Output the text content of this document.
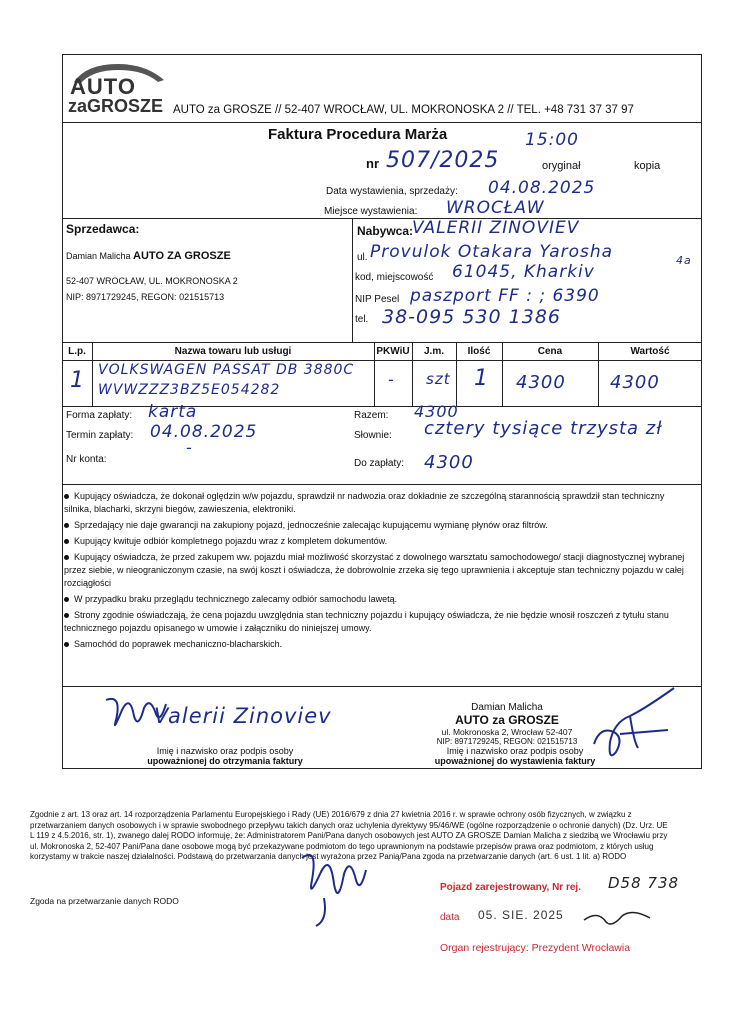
AUTO
zaGROSZE AUTO za GROSZE // 52-407 WROCŁAW, UL. MOKRONOSKA 2 // TEL. +48 731 37 37 97
Faktura Procedura Marża	15:00
nr 507/2025	oryginał	kopia
Data wystawienia, sprzedaży: 04.08.2025
Miejsce wystawienia: WROCŁAW
Sprzedawca:
Damian Malicha AUTO ZA GROSZE
52-407 WROCŁAW, UL. MOKRONOSKA 2
NIP: 8971729245, REGON: 021515713
Nabywca:
VALERII ZINOVIEV
ul. Provulok Otakara Yarosha	4a
kod, miejscowość 61045, Kharkiv
NIP Pesel paszport FF : ; 6390
tel. 38-095 530 1386
L.p.	Nazwa towaru lub usługi	PKWiU	J.m.	Ilość	Cena	Wartość
1 VOLKSWAGEN PASSAT DB 3880C
WVWZZZ3BZ5E054282
- szt 1 4300 4300
Forma zapłaty: karta
Termin zapłaty: 04.08.2025
Nr konta:
-
Razem: 4300
Słownie: cztery tysiące trzysta zł
Do zapłaty: 4300
Kupujący oświadcza, że dokonał oględzin w/w pojazdu, sprawdził nr nadwozia oraz dokładnie ze szczególną starannością sprawdził stan techniczny silnika, blacharki, skrzyni biegów, zawieszenia, elektroniki.
Sprzedający nie daje gwarancji na zakupiony pojazd, jednocześnie zalecając kupującemu wymianę płynów oraz filtrów.
Kupujący kwituje odbiór kompletnego pojazdu wraz z kompletem dokumentów.
Kupujący oświadcza, że przed zakupem ww. pojazdu miał możliwość skorzystać z dowolnego warsztatu samochodowego/ stacji diagnostycznej wybranej przez siebie, w nieograniczonym czasie, na swój koszt i oświadcza, że dobrowolnie zrzeka się tego uprawnienia i akceptuje stan techniczny pojazdu w całej rozciągłości
W przypadku braku przeglądu technicznego zalecamy odbiór samochodu lawetą.
Strony zgodnie oświadczają, że cena pojazdu uwzględnia stan techniczny pojazdu i kupujący oświadcza, że nie będzie wnosił roszczeń z tytułu stanu technicznego pojazdu opisanego w umowie i załączniku do niniejszej umowy.
Samochód do poprawek mechaniczno-blacharskich.
Valerii Zinoviev
Imię i nazwisko oraz podpis osoby
upoważnionej do otrzymania faktury
Damian Malicha
AUTO za GROSZE
ul. Mokronoska 2, Wrocław 52-407
NIP: 8971729245, REGON: 021515713
Imię i nazwisko oraz podpis osoby
upoważnionej do wystawienia faktury
Zgodnie z art. 13 oraz art. 14 rozporządzenia Parlamentu Europejskiego i Rady (UE) 2016/679 z dnia 27 kwietnia 2016 r. w sprawie ochrony osób fizycznych, w związku z przetwarzaniem danych osobowych i w sprawie swobodnego przepływu takich danych oraz uchylenia dyrektywy 95/46/WE (ogólne rozporządzenie o ochronie danych) (Dz. Urz. UE L 119 z 4.5.2016, str. 1), zwanego dalej RODO informuję, że: Administratorem Pani/Pana danych osobowych jest AUTO ZA GROSZE Damian Malicha z siedzibą we Wrocławiu przy ul. Mokronoska 2, 52-407 Pani/Pana dane osobowe mogą być przekazywane podmiotom do tego uprawnionym na podstawie przepisów prawa oraz podmiotom, z których usług korzystamy w trakcie naszej działalności. Podstawą do przetwarzania danych jest wyrażona przez Panią/Pana zgoda na przetwarzanie danych (art. 6 ust. 1 lit. a) RODO
Zgoda na przetwarzanie danych RODO
Pojazd zarejestrowany, Nr rej. D58 738
data 05. SIE. 2025
Organ rejestrujący: Prezydent Wrocławia
